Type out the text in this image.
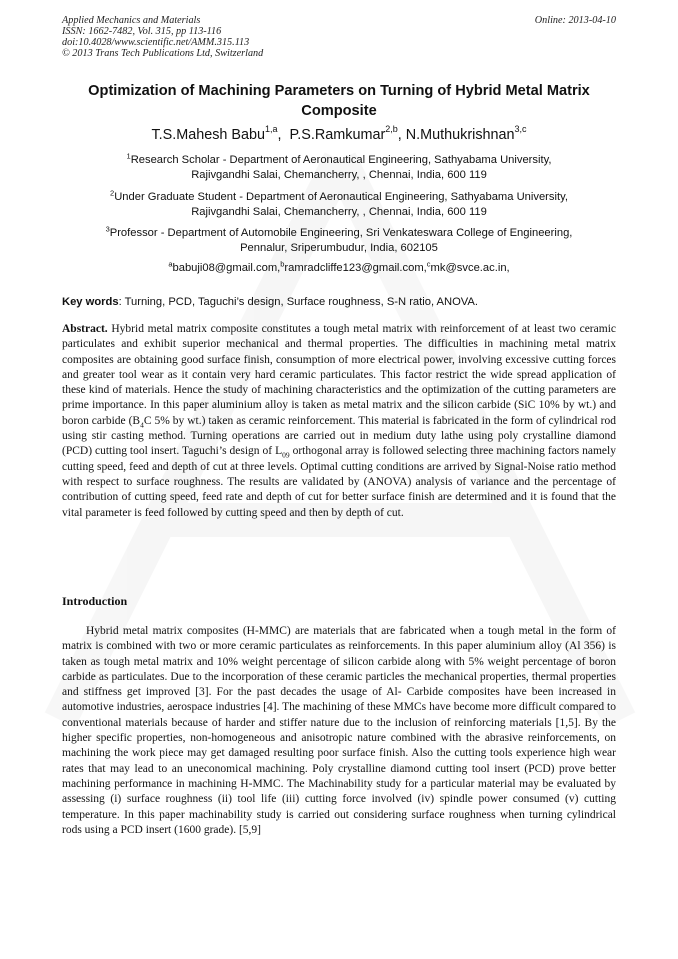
Applied Mechanics and Materials
ISSN: 1662-7482, Vol. 315, pp 113-116
doi:10.4028/www.scientific.net/AMM.315.113
© 2013 Trans Tech Publications Ltd, Switzerland
Online: 2013-04-10
Optimization of Machining Parameters on Turning of Hybrid Metal Matrix Composite
T.S.Mahesh Babu$^{1,a}$,  P.S.Ramkumar$^{2,b}$, N.Muthukrishnan$^{3,c}$
$^1$Research Scholar - Department of Aeronautical Engineering, Sathyabama University,
Rajivgandhi Salai, Chemancherry, , Chennai, India, 600 119
$^2$Under Graduate Student - Department of Aeronautical Engineering, Sathyabama University,
Rajivgandhi Salai, Chemancherry, , Chennai, India, 600 119
$^3$Professor - Department of Automobile Engineering, Sri Venkateswara College of Engineering,
Pennalur, Sriperumbudur, India, 602105
$^a$babuji08@gmail.com,$^b$ramradcliffe123@gmail.com,$^c$mk@svce.ac.in,
Key words: Turning, PCD, Taguchi’s design, Surface roughness, S-N ratio, ANOVA.

Abstract. Hybrid metal matrix composite constitutes a tough metal matrix with reinforcement of at least two ceramic particulates and exhibit superior mechanical and thermal properties. The difficulties in machining metal matrix composites are obtaining good surface finish, consumption of more electrical power, involving excessive cutting forces and greater tool wear as it contain very hard ceramic particulates. This factor restrict the wide spread application of these kind of materials. Hence the study of machining characteristics and the optimization of the cutting parameters are prime importance. In this paper aluminium alloy is taken as metal matrix and the silicon carbide (SiC 10% by wt.) and boron carbide ($B_4C$ 5% by wt.) taken as ceramic reinforcement. This material is fabricated in the form of cylindrical rod using stir casting method. Turning operations are carried out in medium duty lathe using poly crystalline diamond (PCD) cutting tool insert. Taguchi’s design of $L_{09}$ orthogonal array is followed selecting three machining factors namely cutting speed, feed and depth of cut at three levels. Optimal cutting conditions are arrived by Signal-Noise ratio method with respect to surface roughness. The results are validated by (ANOVA) analysis of variance and the percentage of contribution of cutting speed, feed rate and depth of cut for better surface finish are determined and it is found that the vital parameter is feed followed by cutting speed and then by depth of cut.

Introduction

Hybrid metal matrix composites (H-MMC) are materials that are fabricated when a tough metal in the form of matrix is combined with two or more ceramic particulates as reinforcements. In this paper aluminium alloy (Al 356) is taken as tough metal matrix and 10% weight percentage of silicon carbide along with 5% weight percentage of boron carbide as particulates. Due to the incorporation of these ceramic particles the mechanical properties, thermal properties and stiffness get improved [3]. For the past decades the usage of Al- Carbide composites have been increased in automotive industries, aerospace industries [4]. The machining of these MMCs have become more difficult compared to conventional materials because of harder and stiffer nature due to the inclusion of reinforcing materials [1,5]. By the higher specific properties, non-homogeneous and anisotropic nature combined with the abrasive reinforcements, on machining the work piece may get damaged resulting poor surface finish. Also the cutting tools experience high wear rates that may lead to an uneconomical machining. Poly crystalline diamond cutting tool insert (PCD) prove better machining performance in machining H-MMC. The Machinability study for a particular material may be evaluated by assessing (i) surface roughness (ii) tool life (iii) cutting force involved (iv) spindle power consumed (v) cutting temperature. In this paper machinability study is carried out considering surface roughness when turning cylindrical rods using a PCD insert (1600 grade). [5,9]
